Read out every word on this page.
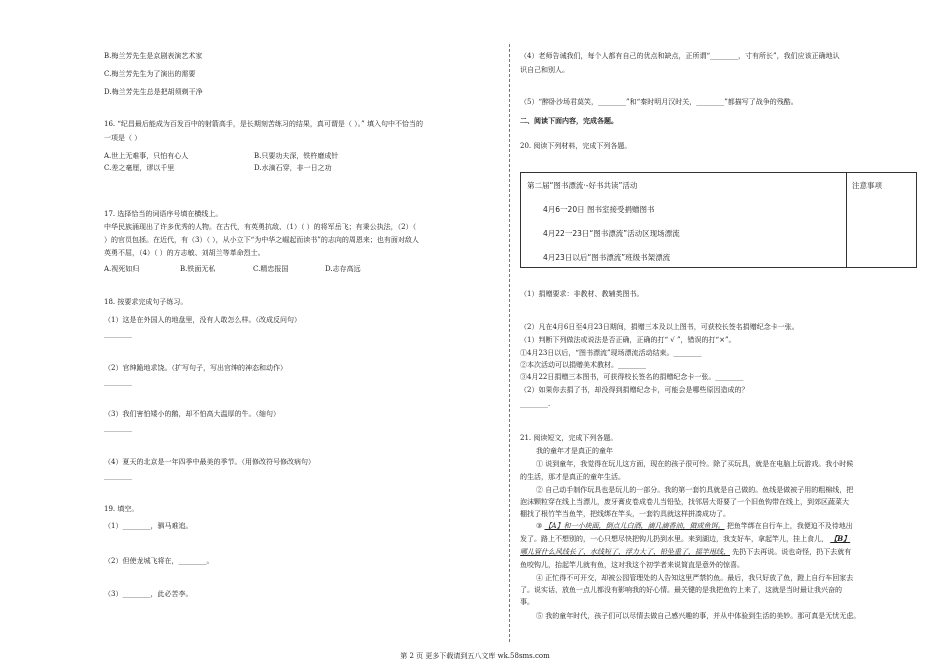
B.梅兰芳先生是京剧表演艺术家
C.梅兰芳先生为了演出的需要
D.梅兰芳先生总是把胡须剃干净
16. “纪昌最后能成为百发百中的射箭高手，是长期刻苦练习的结果，真可谓是（ ）。” 填入句中不恰当的
一项是（ ）
A.世上无难事，只怕有心人	B.只要功夫深，铁杵磨成针
C.差之毫厘，谬以千里	D.水滴石穿，非一日之功
17. 选择恰当的词语序号填在横线上。
中华民族涌现出了许多优秀的人物。在古代，有英勇抗敌、（1）（ ）的将军岳飞；有秉公执法，（2）（
）的官员包拯。在近代，有（3）（ ），从小立下“为中华之崛起而读书”的志向的周恩来；也有面对敌人
英勇不屈，（4）（ ）的方志敏、刘胡兰等革命烈士。
A.视死如归	B.铁面无私	C.精忠报国	D.志存高远
18. 按要求完成句子练习。
（1）这是在外国人的地盘里，没有人敢怎么样。（改成反问句）
________
（2）官绅跪地求饶。（扩写句子，写出官绅的神态和动作）
________
（3）我们害怕矮小的鹅，却不怕高大温厚的牛。（缩句）
________
（4）夏天的北京是一年四季中最美的季节。（用修改符号修改病句）
________
19. 填空。
（1）________，驷马难追。
（2）但使龙城飞将在，________。
（3）________，此必苦李。
（4）老师告诫我们，每个人都有自己的优点和缺点，正所谓“________，寸有所长”，我们应该正确地认
识自己和别人。
（5）“醉卧沙场君莫笑，________”和“秦时明月汉时关，________”都描写了战争的残酷。
二、阅读下面内容，完成各题。
20. 阅读下列材料，完成下列各题。
第二届“图书漂流·-好书共读”活动
4月6一20日 图书室接受捐赠图书
4月22一23日“图书漂流”活动区现场漂流
4月23日以后“图书漂流”班级书架漂流
注意事项
（1）捐赠要求：非教材、教辅类图书。
（2）凡在4月6日至4月23日期间，捐赠三本及以上图书，可获校长签名捐赠纪念卡一张。
（1）判断下列做法或说法是否正确，正确的打“ √ ”，错误的打“×”。
①4月23日以后，“图书漂流”现场漂流活动结束。________
②本次活动可以捐赠美术教材。________
③4月22日捐赠三本图书，可获得校长签名的捐赠纪念卡一张。________
（2）如果你去捐了书，却没得到捐赠纪念卡，可能会是哪些原因造成的？
________.
21. 阅读短文，完成下列各题。
我的童年才是真正的童年
① 说到童年，我觉得在玩儿这方面，现在的孩子很可怜。除了买玩具，就是在电脑上玩游戏。我小时候
的生活，那才是真正的童年生活。
② 自己动手制作玩具也是玩儿的一部分。我的第一套钓具就是自己做的。鱼线是做被子用的粗棉线，把
泡沫颗粒穿在线上当漂儿，废牙膏皮卷成卷儿当铅坠，找邻居大哥要了一个旧鱼钩带在线上，到郊区蔬菜大
棚找了根竹竿当鱼竿，把线绑在竿头，一套钓具就这样拼凑成功了。
③ 【A】和一小块面，倒点儿白酒，滴几滴香油，做成鱼饵。 把鱼竿绑在自行车上，我便迫不及待地出
发了。路上不想别的，一心只想尽快把钩儿扔到水里。来到湖边，我支好车，拿起竿儿，挂上食儿， 【B】
哪儿管什么风线长了、水线短了、浮力大了、铅坠重了，摇竿甩线， 先扔下去再说。说也奇怪，扔下去就有
鱼咬钩儿，抬起竿儿就有鱼，这对我这个初学者来说简直是意外的惊喜。
④ 正忙得不可开交，却被公园管理处的人告知这里严禁钓鱼。最后，我只好放了鱼，蹬上自行车回家去
了。说实话，放鱼一点儿都没有影响我的好心情。最关键的是我把鱼钓上来了，这就是当时最让我兴奋的
事。
⑤ 我的童年时代，孩子们可以尽情去做自己感兴趣的事，并从中体验到生活的美妙。那可真是无忧无虑。
第 2 页 更多下载请到五八文库 wk.58sms.com
